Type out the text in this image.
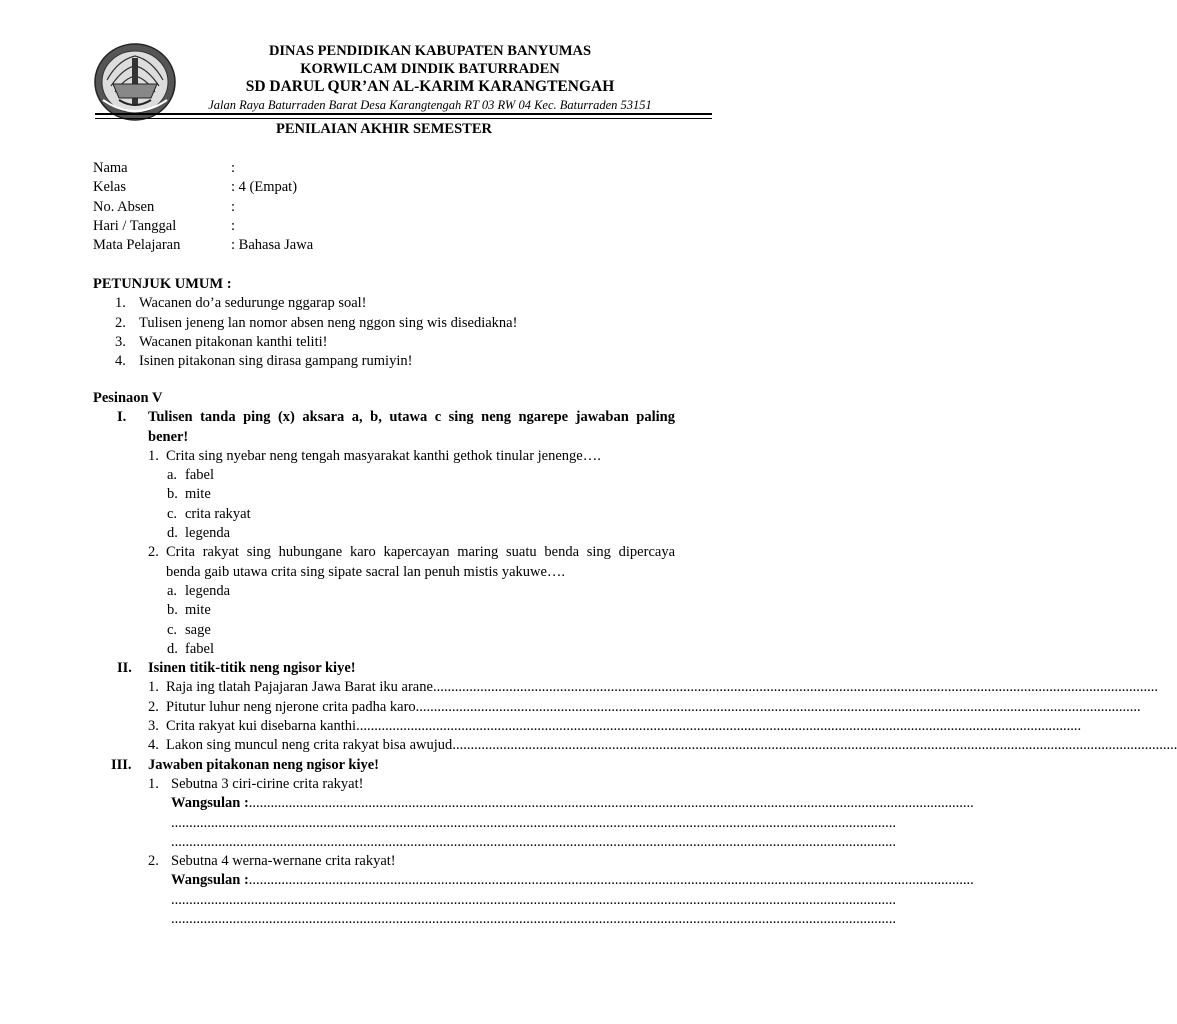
DINAS PENDIDIKAN KABUPATEN BANYUMAS
KORWILCAM DINDIK BATURRADEN
SD DARUL QUR’AN AL-KARIM KARANGTENGAH
Jalan Raya Baturraden Barat Desa Karangtengah RT 03 RW 04 Kec. Baturraden 53151
PENILAIAN AKHIR SEMESTER
Nama	:
Kelas	: 4 (Empat)
No. Absen	:
Hari / Tanggal	:
Mata Pelajaran	: Bahasa Jawa
PETUNJUK UMUM :
1. Wacanen do’a sedurunge nggarap soal!
2. Tulisen jeneng lan nomor absen neng nggon sing wis disediakna!
3. Wacanen pitakonan kanthi teliti!
4. Isinen pitakonan sing dirasa gampang rumiyin!
Pesinaon V
I. Tulisen tanda ping (x) aksara a, b, utawa c sing neng ngarepe jawaban paling
bener!
1. Crita sing nyebar neng tengah masyarakat kanthi gethok tinular jenenge….
a. fabel
b. mite
c. crita rakyat
d. legenda
2. Crita rakyat sing hubungane karo kapercayan maring suatu benda sing dipercaya
benda gaib utawa crita sing sipate sacral lan penuh mistis yakuwe….
a. legenda
b. mite
c. sage
d. fabel
II. Isinen titik-titik neng ngisor kiye!
1. Raja ing tlatah Pajajaran Jawa Barat iku arane........................................................................................................................................................................................................
2. Pitutur luhur neng njerone crita padha karo........................................................................................................................................................................................................
3. Crita rakyat kui disebarna kanthi........................................................................................................................................................................................................
4. Lakon sing muncul neng crita rakyat bisa awujud........................................................................................................................................................................................................
III. Jawaben pitakonan neng ngisor kiye!
1. Sebutna 3 ciri-cirine crita rakyat!
Wangsulan :........................................................................................................................................................................................................
........................................................................................................................................................................................................
........................................................................................................................................................................................................
2. Sebutna 4 werna-wernane crita rakyat!
Wangsulan :........................................................................................................................................................................................................
........................................................................................................................................................................................................
........................................................................................................................................................................................................
